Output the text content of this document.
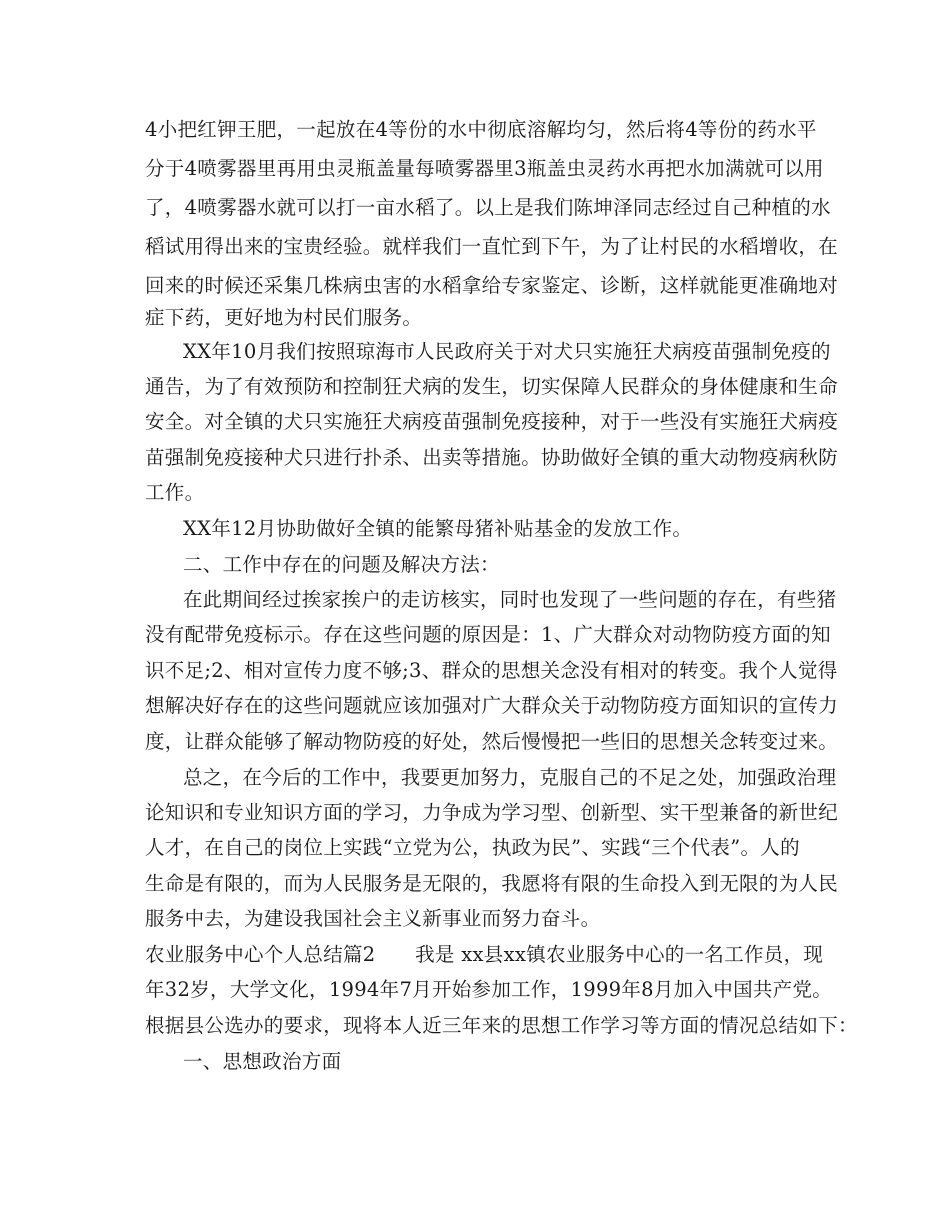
4小把红钾王肥，一起放在4等份的水中彻底溶解均匀，然后将4等份的药水平
分于4喷雾器里再用虫灵瓶盖量每喷雾器里3瓶盖虫灵药水再把水加满就可以用
了，4喷雾器水就可以打一亩水稻了。以上是我们陈坤泽同志经过自己种植的水
稻试用得出来的宝贵经验。就样我们一直忙到下午，为了让村民的水稻增收，在
回来的时候还采集几株病虫害的水稻拿给专家鉴定、诊断，这样就能更准确地对
症下药，更好地为村民们服务。
XX年10月我们按照琼海市人民政府关于对犬只实施狂犬病疫苗强制免疫的
通告，为了有效预防和控制狂犬病的发生，切实保障人民群众的身体健康和生命
安全。对全镇的犬只实施狂犬病疫苗强制免疫接种，对于一些没有实施狂犬病疫
苗强制免疫接种犬只进行扑杀、出卖等措施。协助做好全镇的重大动物疫病秋防
工作。
XX年12月协助做好全镇的能繁母猪补贴基金的发放工作。
二、工作中存在的问题及解决方法：
在此期间经过挨家挨户的走访核实，同时也发现了一些问题的存在，有些猪
没有配带免疫标示。存在这些问题的原因是：1、广大群众对动物防疫方面的知
识不足;2、相对宣传力度不够;3、群众的思想关念没有相对的转变。我个人觉得
想解决好存在的这些问题就应该加强对广大群众关于动物防疫方面知识的宣传力
度，让群众能够了解动物防疫的好处，然后慢慢把一些旧的思想关念转变过来。
总之，在今后的工作中，我要更加努力，克服自己的不足之处，加强政治理
论知识和专业知识方面的学习，力争成为学习型、创新型、实干型兼备的新世纪
人才，在自己的岗位上实践“立党为公，执政为民”、实践“三个代表”。人的
生命是有限的，而为人民服务是无限的，我愿将有限的生命投入到无限的为人民
服务中去，为建设我国社会主义新事业而努力奋斗。
农业服务中心个人总结篇2　　我是 xx县xx镇农业服务中心的一名工作员，现
年32岁，大学文化，1994年7月开始参加工作，1999年8月加入中国共产党。
根据县公选办的要求，现将本人近三年来的思想工作学习等方面的情况总结如下：
一、思想政治方面
